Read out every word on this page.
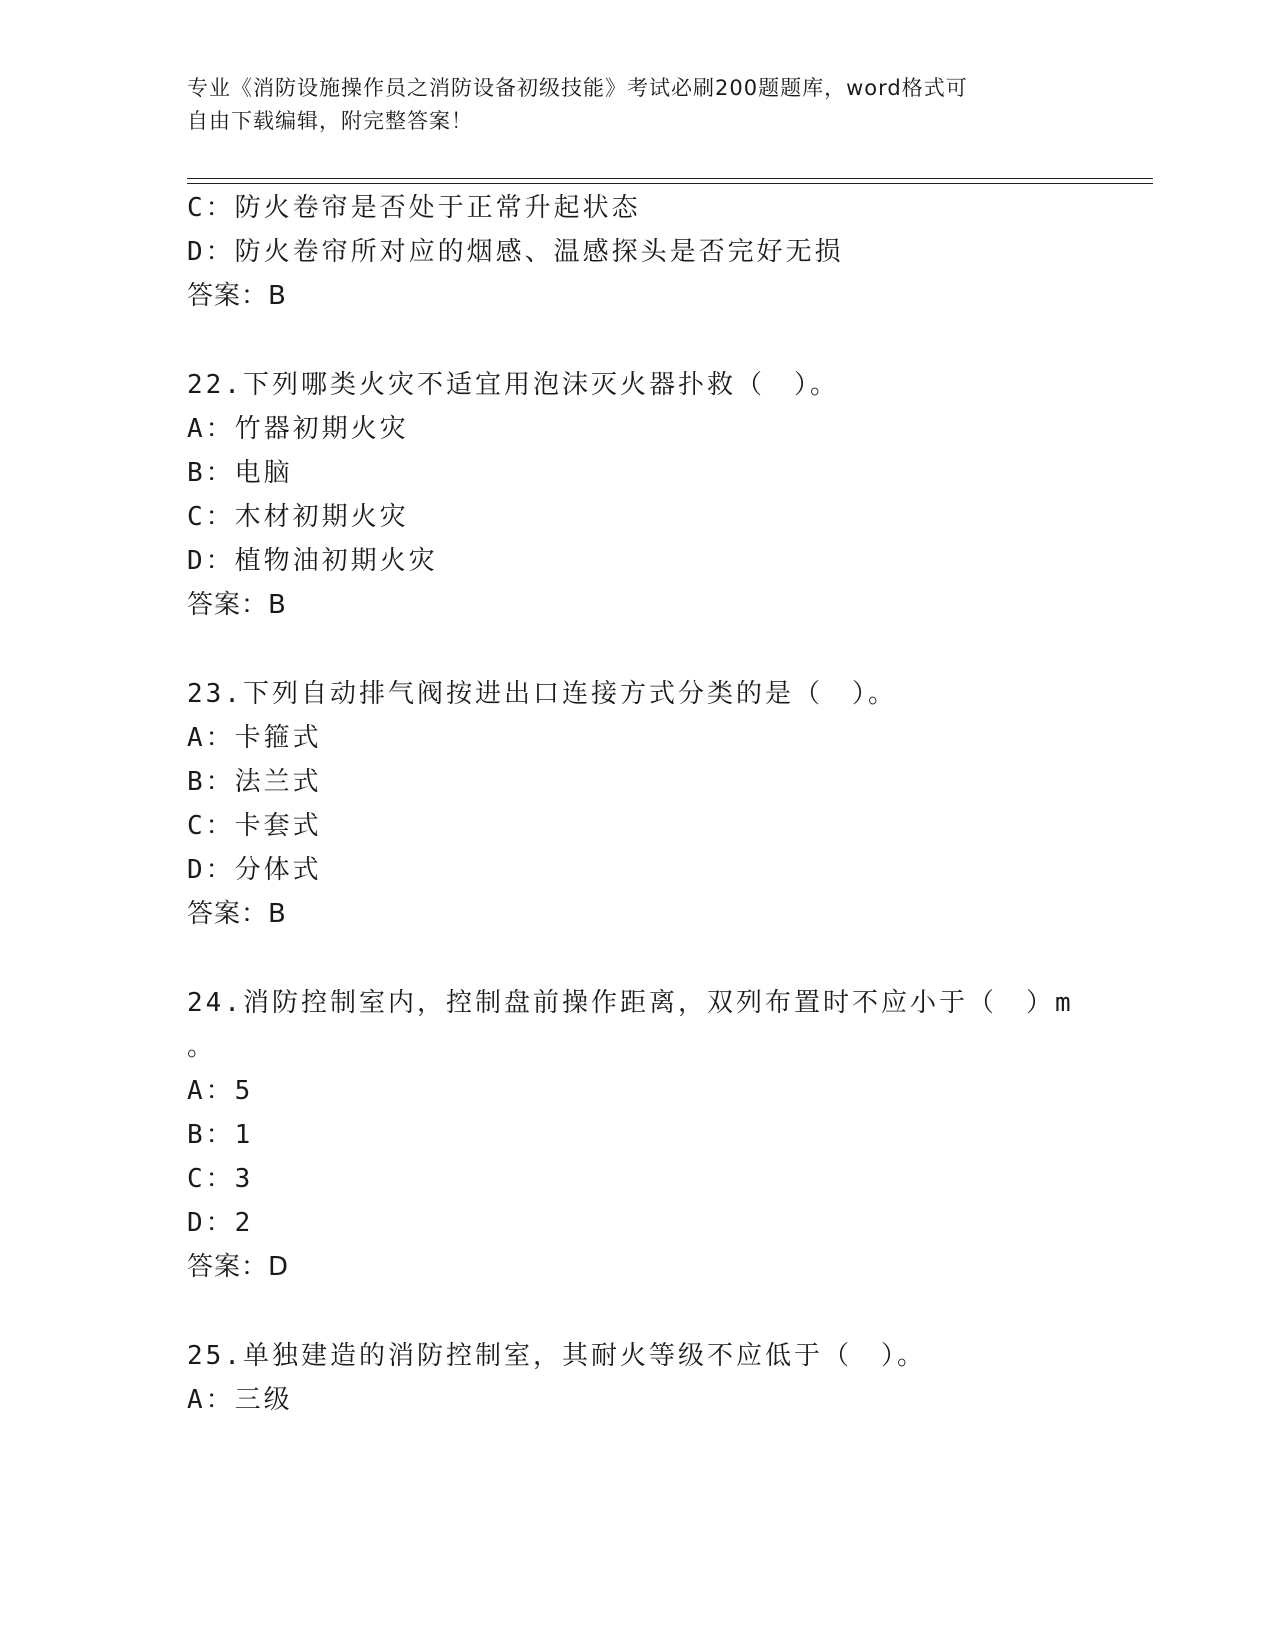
专业《消防设施操作员之消防设备初级技能》考试必刷200题题库，word格式可
自由下载编辑，附完整答案！
C：防火卷帘是否处于正常升起状态
D：防火卷帘所对应的烟感、温感探头是否完好无损
答案：B
22.下列哪类火灾不适宜用泡沫灭火器扑救（　）。
A：竹器初期火灾
B：电脑
C：木材初期火灾
D：植物油初期火灾
答案：B
23.下列自动排气阀按进出口连接方式分类的是（　）。
A：卡箍式
B：法兰式
C：卡套式
D：分体式
答案：B
24.消防控制室内，控制盘前操作距离，双列布置时不应小于（　）m
。
A：5
B：1
C：3
D：2
答案：D
25.单独建造的消防控制室，其耐火等级不应低于（　）。
A：三级
